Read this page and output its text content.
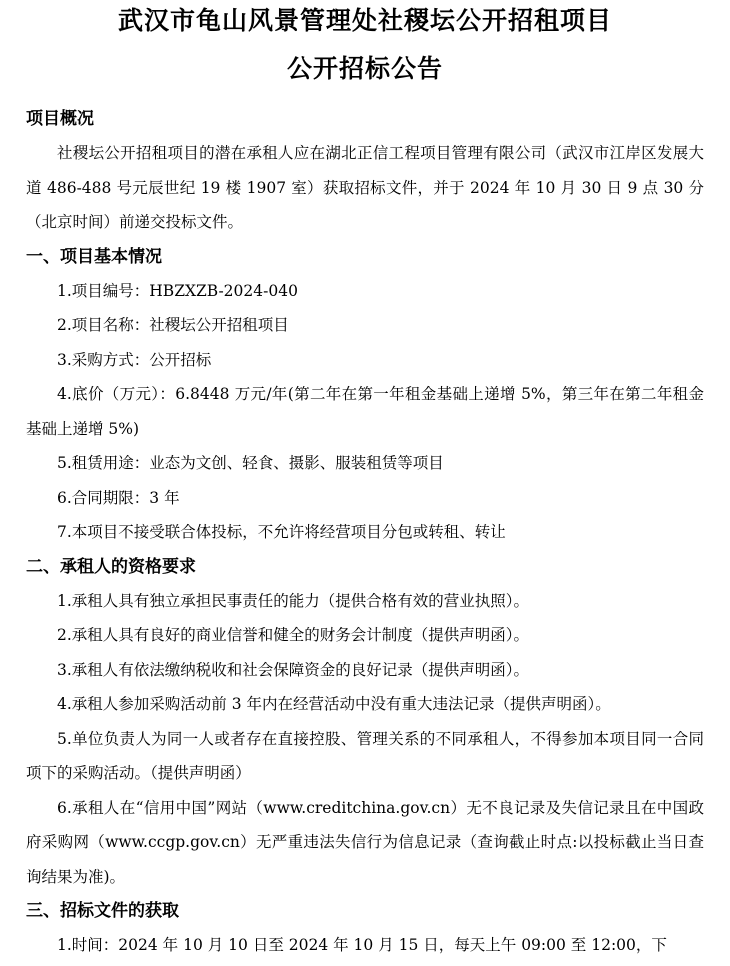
武汉市龟山风景管理处社稷坛公开招租项目
公开招标公告
项目概况

社稷坛公开招租项目的潜在承租人应在湖北正信工程项目管理有限公司（武汉市江岸区发展大道 486-488 号元辰世纪 19 楼 1907 室）获取招标文件，并于 2024 年 10 月 30 日 9 点 30 分（北京时间）前递交投标文件。

一、项目基本情况

1.项目编号：HBZXZB-2024-040

2.项目名称：社稷坛公开招租项目

3.采购方式：公开招标

4.底价（万元）：6.8448 万元/年(第二年在第一年租金基础上递增 5%，第三年在第二年租金基础上递增 5%)

5.租赁用途：业态为文创、轻食、摄影、服装租赁等项目

6.合同期限：3 年

7.本项目不接受联合体投标，不允许将经营项目分包或转租、转让

二、承租人的资格要求

1.承租人具有独立承担民事责任的能力（提供合格有效的营业执照）。

2.承租人具有良好的商业信誉和健全的财务会计制度（提供声明函）。

3.承租人有依法缴纳税收和社会保障资金的良好记录（提供声明函）。

4.承租人参加采购活动前 3 年内在经营活动中没有重大违法记录（提供声明函）。

5.单位负责人为同一人或者存在直接控股、管理关系的不同承租人，不得参加本项目同一合同项下的采购活动。（提供声明函）

6.承租人在“信用中国”网站（www.creditchina.gov.cn）无不良记录及失信记录且在中国政府采购网（www.ccgp.gov.cn）无严重违法失信行为信息记录（查询截止时点:以投标截止当日查询结果为准)。

三、招标文件的获取

1.时间：2024 年 10 月 10 日至 2024 年 10 月 15 日，每天上午 09:00 至 12:00，下
